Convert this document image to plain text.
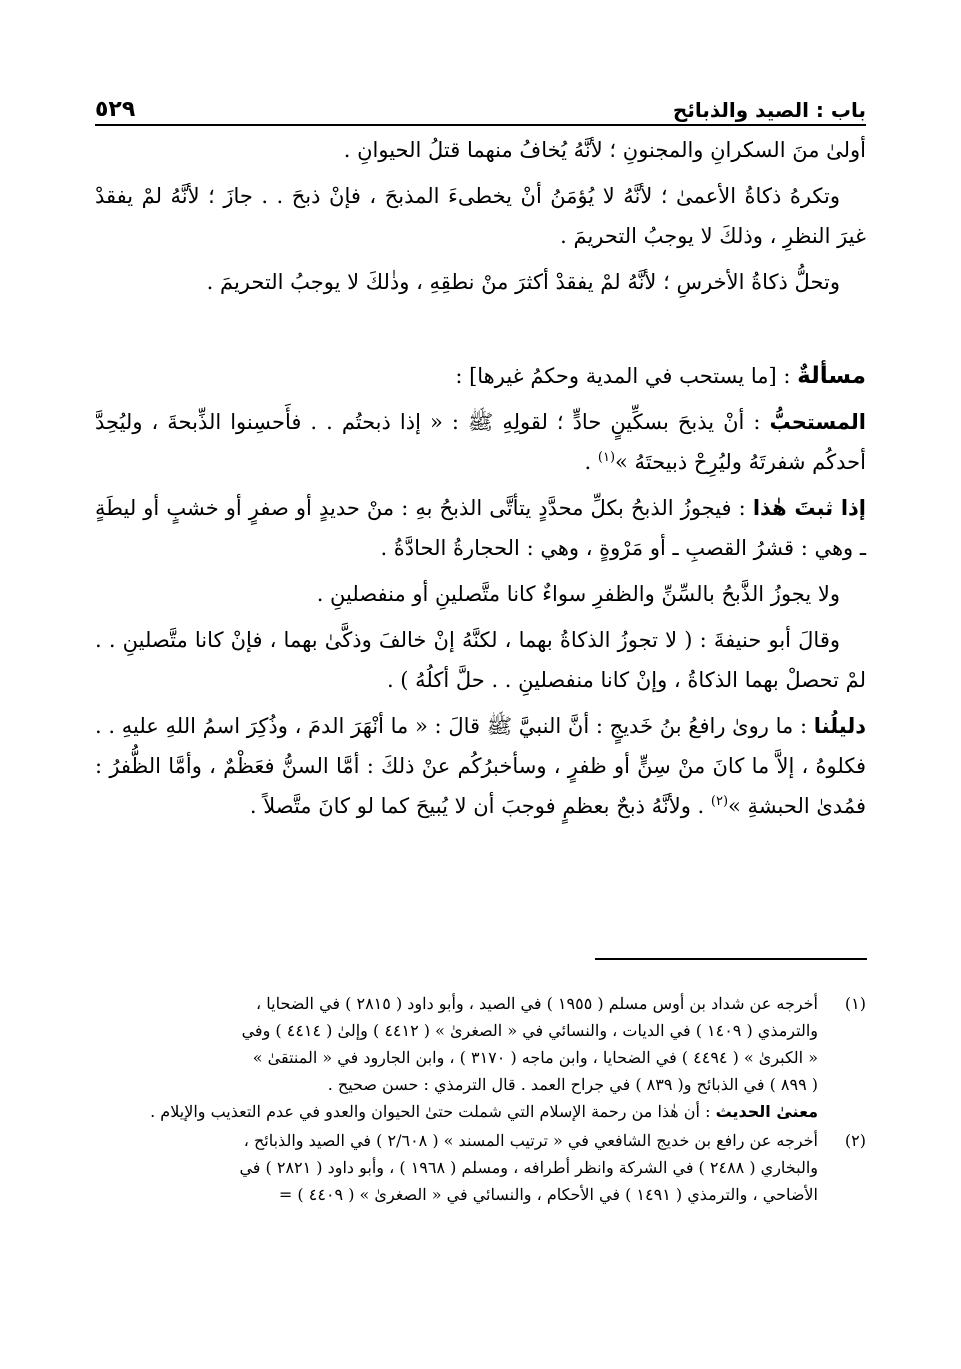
باب : الصيد والذبائح
٥٢٩

أولىٰ منَ السكرانِ والمجنونِ ؛ لأنَّهُ يُخافُ منهما قتلُ الحيوانِ .

وتكرهُ ذكاةُ الأعمىٰ ؛ لأنَّهُ لا يُؤمَنُ أنْ يخطىءَ المذبحَ ، فإنْ ذبحَ . . جازَ ؛ لأنَّهُ لمْ يفقدْ غيرَ النظرِ ، وذلكَ لا يوجبُ التحريمَ .

وتحلُّ ذكاةُ الأخرسِ ؛ لأنَّهُ لمْ يفقدْ أكثرَ منْ نطقِهِ ، وذٰلكَ لا يوجبُ التحريمَ .

مسألةٌ : [ما يستحب في المدية وحكمُ غيرها] :

المستحبُّ : أنْ يذبحَ بسكِّينٍ حادٍّ ؛ لقولِهِ ﷺ : « إذا ذبحتُم . . فأَحسِنوا الذِّبحةَ ، وليُحِدَّ أحدكُم شفرتَهُ وليُرِحْ ذبيحتَهُ »$^{(١)}$ .

إذا ثبتَ هٰذا : فيجوزُ الذبحُ بكلِّ محدَّدٍ يتأتَّى الذبحُ بهِ : منْ حديدٍ أو صفرٍ أو خشبٍ أو ليطَةٍ ـ وهي : قشرُ القصبِ ـ أو مَرْوةٍ ، وهي : الحجارةُ الحادَّةُ .

ولا يجوزُ الذَّبحُ بالسِّنِّ والظفرِ سواءٌ كانا متَّصلينِ أو منفصلينِ .

وقالَ أبو حنيفةَ : ( لا تجوزُ الذكاةُ بهما ، لكنَّهُ إنْ خالفَ وذكَّىٰ بهما ، فإنْ كانا متَّصلينِ . . لمْ تحصلْ بهما الذكاةُ ، وإنْ كانا منفصلينِ . . حلَّ أكلُهُ ) .

دليلُنا : ما روىٰ رافعُ بنُ خَديجٍ : أنَّ النبيَّ ﷺ قالَ : « ما أنْهَرَ الدمَ ، وذُكِرَ اسمُ اللهِ عليهِ . . فكلوهُ ، إلاَّ ما كانَ منْ سِنٍّ أو ظفرٍ ، وسأخبرُكُم عنْ ذلكَ : أمَّا السنُّ فعَظْمٌ ، وأمَّا الظُّفرُ : فمُدىٰ الحبشةِ »$^{(٢)}$ . ولأنَّهُ ذبحٌ بعظمٍ فوجبَ أن لا يُبيحَ كما لو كانَ متَّصلاً .

(١)
أخرجه عن شداد بن أوس مسلم ( ١٩٥٥ ) في الصيد ، وأبو داود ( ٢٨١٥ ) في الضحايا ،
والترمذي ( ١٤٠٩ ) في الديات ، والنسائي في « الصغرىٰ » ( ٤٤١٢ ) وإلىٰ ( ٤٤١٤ ) وفي
« الكبرىٰ » ( ٤٤٩٤ ) في الضحايا ، وابن ماجه ( ٣١٧٠ ) ، وابن الجارود في « المنتقىٰ »
( ٨٩٩ ) في الذبائح و( ٨٣٩ ) في جراح العمد . قال الترمذي : حسن صحيح .
معنىٰ الحديث : أن هٰذا من رحمة الإسلام التي شملت حتىٰ الحيوان والعدو في عدم التعذيب والإيلام .
(٢)
أخرجه عن رافع بن خديج الشافعي في « ترتيب المسند » ( ٢/٦٠٨ ) في الصيد والذبائح ،
والبخاري ( ٢٤٨٨ ) في الشركة وانظر أطرافه ، ومسلم ( ١٩٦٨ ) ، وأبو داود ( ٢٨٢١ ) في
الأضاحي ، والترمذي ( ١٤٩١ ) في الأحكام ، والنسائي في « الصغرىٰ » ( ٤٤٠٩ ) =
